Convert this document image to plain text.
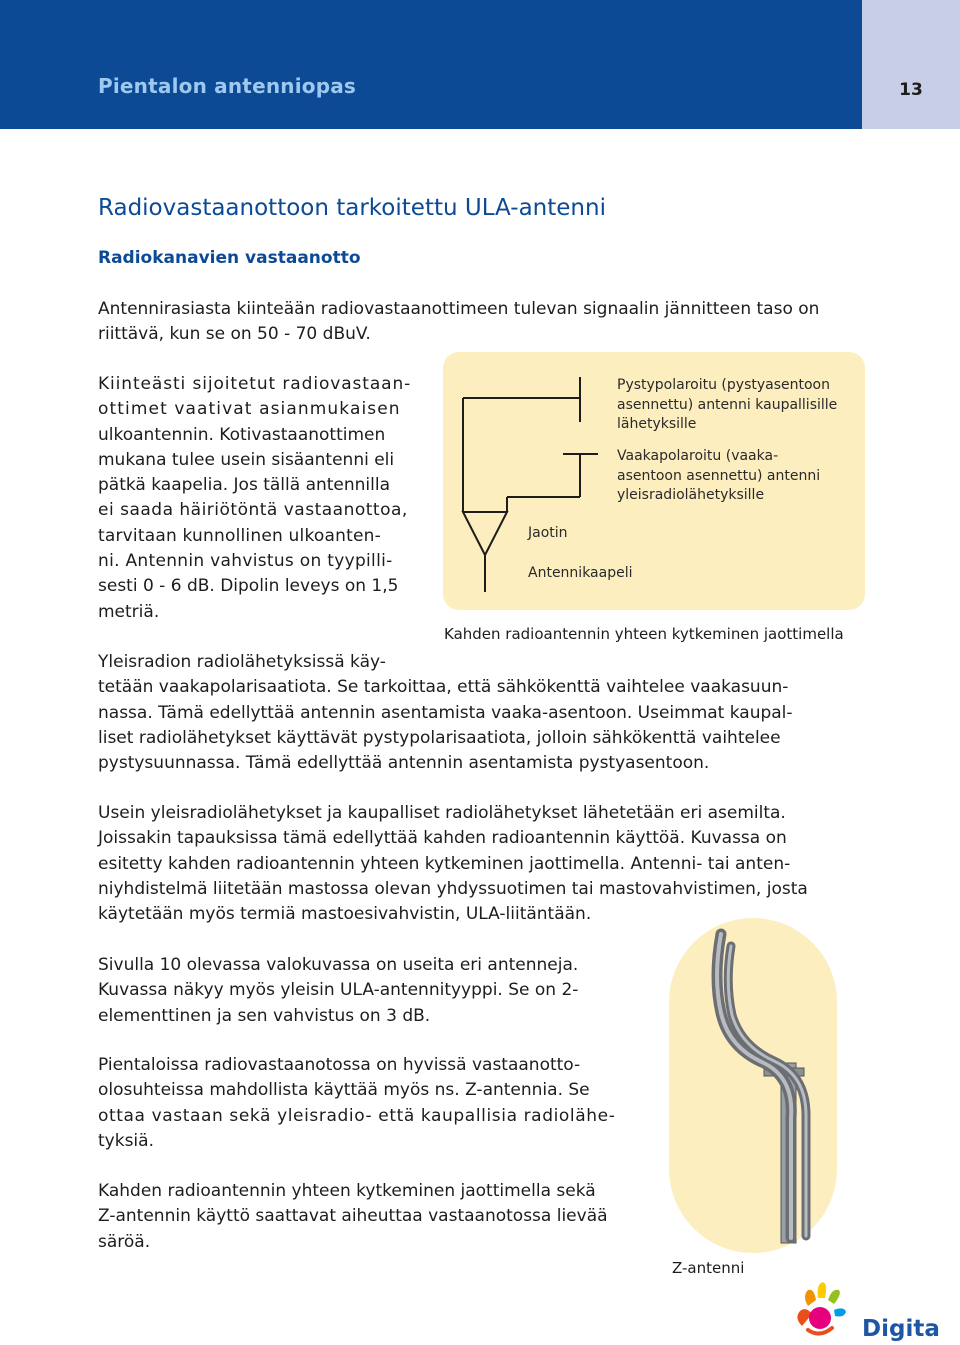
Pientalon antenniopas	13
Radiovastaanottoon tarkoitettu ULA-antenni
Radiokanavien vastaanotto

Antennirasiasta kiinteään radiovastaanottimeen tulevan signaalin jännitteen taso on
riittävä, kun se on 50 - 70 dBuV.

Kiinteästi sijoitetut radiovastaan-
ottimet vaativat asianmukaisen
ulkoantennin. Kotivastaanottimen
mukana tulee usein sisäantenni eli
pätkä kaapelia. Jos tällä antennilla
ei saada häiriötöntä vastaanottoa,
tarvitaan kunnollinen ulkoanten-
ni. Antennin vahvistus on tyypilli-
sesti 0 - 6 dB. Dipolin leveys on 1,5
metriä.

Pystypolaroitu (pystyasentoon
asennettu) antenni kaupallisille
lähetyksille
Vaakapolaroitu (vaaka-
asentoon asennettu) antenni
yleisradiolähetyksille
Jaotin
Antennikaapeli
Kahden radioantennin yhteen kytkeminen jaottimella

Yleisradion radiolähetyksissä käy-
tetään vaakapolarisaatiota. Se tarkoittaa, että sähkökenttä vaihtelee vaakasuun-
nassa. Tämä edellyttää antennin asentamista vaaka-asentoon. Useimmat kaupal-
liset radiolähetykset käyttävät pystypolarisaatiota, jolloin sähkökenttä vaihtelee
pystysuunnassa. Tämä edellyttää antennin asentamista pystyasentoon.

Usein yleisradiolähetykset ja kaupalliset radiolähetykset lähetetään eri asemilta.
Joissakin tapauksissa tämä edellyttää kahden radioantennin käyttöä. Kuvassa on
esitetty kahden radioantennin yhteen kytkeminen jaottimella. Antenni- tai anten-
niyhdistelmä liitetään mastossa olevan yhdyssuotimen tai mastovahvistimen, josta
käytetään myös termiä mastoesivahvistin, ULA-liitäntään.

Sivulla 10 olevassa valokuvassa on useita eri antenneja.
Kuvassa näkyy myös yleisin ULA-antennityyppi. Se on 2-
elementtinen ja sen vahvistus on 3 dB.

Pientaloissa radiovastaanotossa on hyvissä vastaanotto-
olosuhteissa mahdollista käyttää myös ns. Z-antennia. Se
ottaa vastaan sekä yleisradio- että kaupallisia radiolähe-
tyksiä.

Kahden radioantennin yhteen kytkeminen jaottimella sekä
Z-antennin käyttö saattavat aiheuttaa vastaanotossa lievää
säröä.

Z-antenni
Digita
